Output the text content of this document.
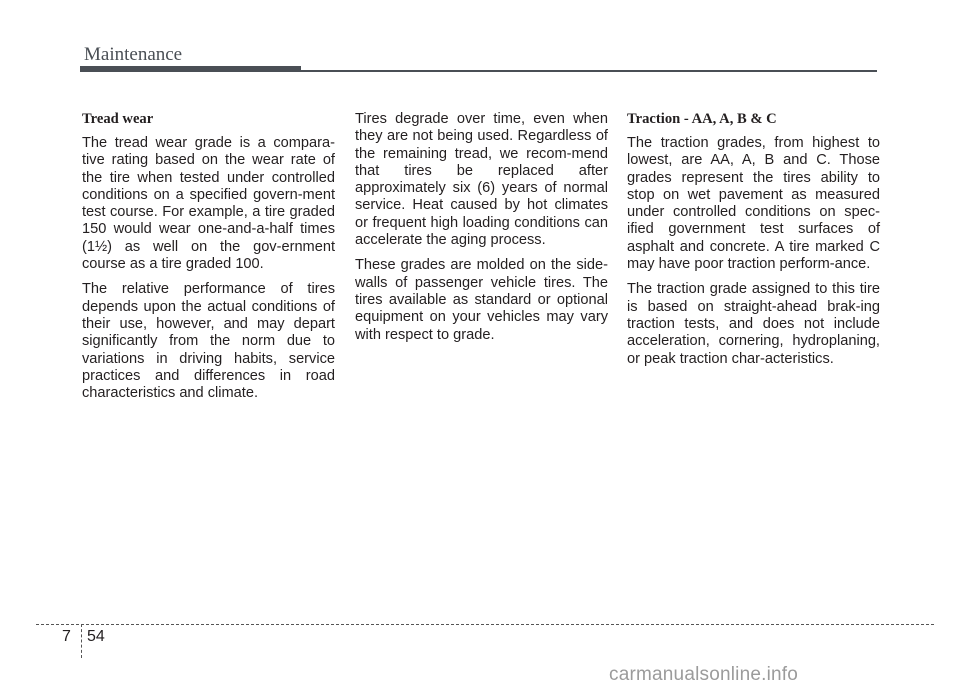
Maintenance
Tread wear

The tread wear grade is a compara-tive rating based on the wear rate of the tire when tested under controlled conditions on a specified govern-ment test course. For example, a tire graded 150 would wear one-and-a-half times (1½) as well on the gov-ernment course as a tire graded 100.

The relative performance of tires depends upon the actual conditions of their use, however, and may depart significantly from the norm due to variations in driving habits, service practices and differences in road characteristics and climate.

Tires degrade over time, even when they are not being used. Regardless of the remaining tread, we recom-mend that tires be replaced after approximately six (6) years of normal service. Heat caused by hot climates or frequent high loading conditions can accelerate the aging process.

These grades are molded on the side-walls of passenger vehicle tires. The tires available as standard or optional equipment on your vehicles may vary with respect to grade.

Traction - AA, A, B & C

The traction grades, from highest to lowest, are AA, A, B and C. Those grades represent the tires ability to stop on wet pavement as measured under controlled conditions on spec-ified government test surfaces of asphalt and concrete. A tire marked C may have poor traction perform-ance.

The traction grade assigned to this tire is based on straight-ahead brak-ing traction tests, and does not include acceleration, cornering, hydroplaning, or peak traction char-acteristics.

7 54
carmanualsonline.info
